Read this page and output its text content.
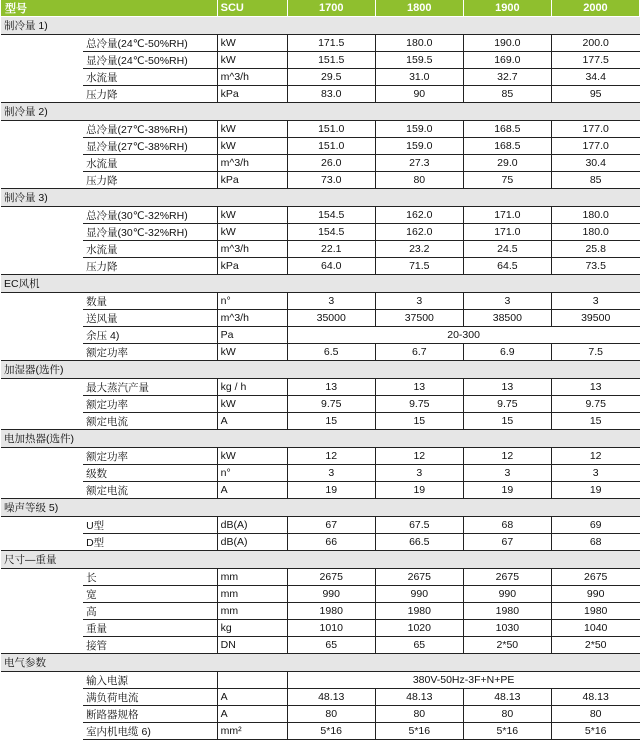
型号		SCU	1700	1800	1900	2000
制冷量 1)						
	总冷量(24℃-50%RH)	kW	171.5	180.0	190.0	200.0
	显冷量(24℃-50%RH)	kW	151.5	159.5	169.0	177.5
	水流量	m^3/h	29.5	31.0	32.7	34.4
	压力降	kPa	83.0	90	85	95
制冷量 2)						
	总冷量(27℃-38%RH)	kW	151.0	159.0	168.5	177.0
	显冷量(27℃-38%RH)	kW	151.0	159.0	168.5	177.0
	水流量	m^3/h	26.0	27.3	29.0	30.4
	压力降	kPa	73.0	80	75	85
制冷量 3)						
	总冷量(30℃-32%RH)	kW	154.5	162.0	171.0	180.0
	显冷量(30℃-32%RH)	kW	154.5	162.0	171.0	180.0
	水流量	m^3/h	22.1	23.2	24.5	25.8
	压力降	kPa	64.0	71.5	64.5	73.5
EC风机						
	数量	n°	3	3	3	3
	送风量	m^3/h	35000	37500	38500	39500
	余压 4)	Pa	20-300			
	额定功率	kW	6.5	6.7	6.9	7.5
加湿器(选件)						
	最大蒸汽产量	kg / h	13	13	13	13
	额定功率	kW	9.75	9.75	9.75	9.75
	额定电流	A	15	15	15	15
电加热器(选件)						
	额定功率	kW	12	12	12	12
	级数	n°	3	3	3	3
	额定电流	A	19	19	19	19
噪声等级 5)						
	U型	dB(A)	67	67.5	68	69
	D型	dB(A)	66	66.5	67	68
尺寸—重量						
	长	mm	2675	2675	2675	2675
	宽	mm	990	990	990	990
	高	mm	1980	1980	1980	1980
	重量	kg	1010	1020	1030	1040
	接管	DN	65	65	2*50	2*50
电气参数						
	输入电源		380V-50Hz-3F+N+PE			
	满负荷电流	A	48.13	48.13	48.13	48.13
	断路器规格	A	80	80	80	80
	室内机电缆 6)	mm²	5*16	5*16	5*16	5*16
